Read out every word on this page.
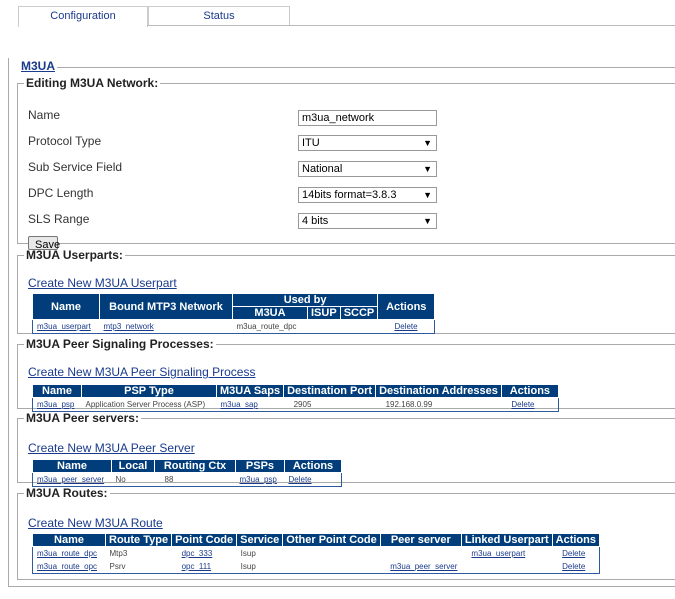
Configuration	Status
M3UA
Editing M3UA Network:
Name	m3ua_network
Protocol Type	ITU	▼
Sub Service Field	National	▼
DPC Length	14bits format=3.8.3	▼
SLS Range	4 bits	▼
Save
M3UA Userparts:
Create New M3UA Userpart
Name	Bound MTP3 Network	Used by			Actions
		M3UA	ISUP	SCCP	
m3ua_userpart	mtp3_network	m3ua_route_dpc			Delete
M3UA Peer Signaling Processes:
Create New M3UA Peer Signaling Process
Name	PSP Type	M3UA Saps	Destination Port	Destination Addresses	Actions
m3ua_psp	Application Server Process (ASP)	m3ua_sap	2905	192.168.0.99	Delete
M3UA Peer servers:
Create New M3UA Peer Server
Name	Local	Routing Ctx	PSPs	Actions
m3ua_peer_server	No	88	m3ua_psp	Delete
M3UA Routes:
Create New M3UA Route
Name	Route Type	Point Code	Service	Other Point Code	Peer server	Linked Userpart	Actions
m3ua_route_dpc	Mtp3	dpc_333	Isup			m3ua_userpart	Delete
m3ua_route_opc	Psrv	opc_111	Isup		m3ua_peer_server		Delete
